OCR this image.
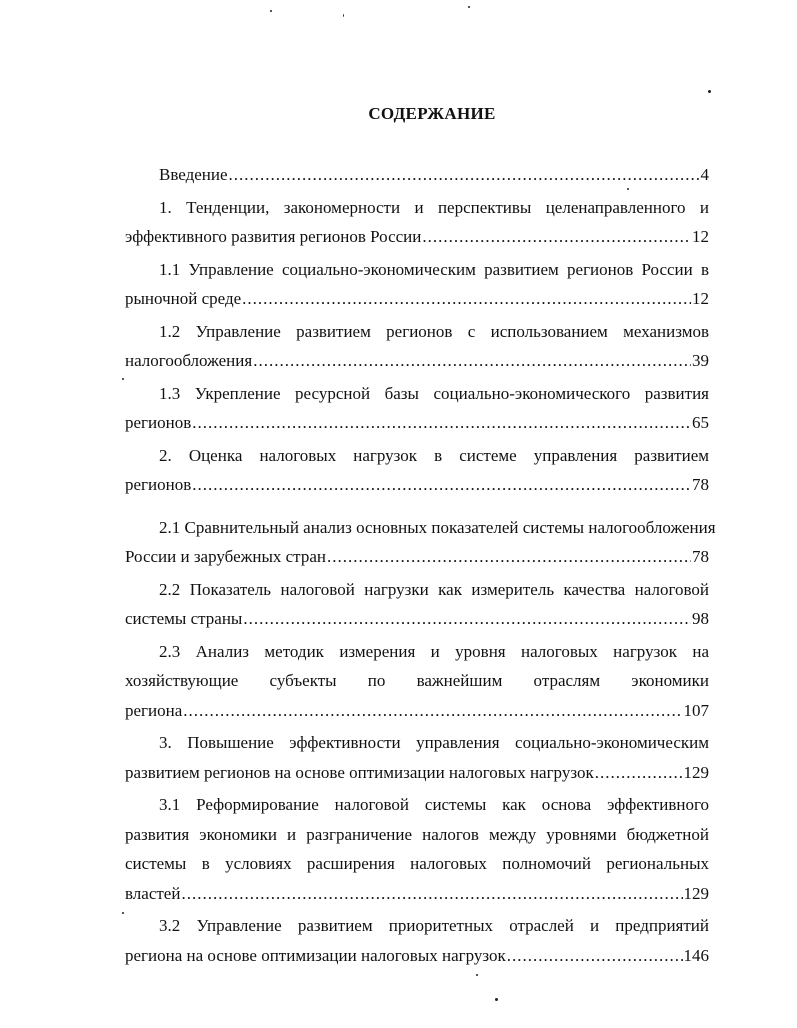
СОДЕРЖАНИЕ
Введение .....	4
1. Тенденции, закономерности и перспективы целенаправленного и
эффективного развития регионов России .....	12
1.1 Управление социально-экономическим развитием регионов России в
рыночной среде .....	12
1.2 Управление развитием регионов с использованием механизмов
налогообложения .....	39
1.3 Укрепление ресурсной базы социально-экономического развития
регионов .....	65
2. Оценка налоговых нагрузок в системе управления развитием
регионов .....	78
2.1 Сравнительный анализ основных показателей системы налогообложения
России и зарубежных стран .....	78
2.2 Показатель налоговой нагрузки как измеритель качества налоговой
системы страны .....	98
2.3 Анализ методик измерения и уровня налоговых нагрузок на
хозяйствующие субъекты по важнейшим отраслям экономики
региона .....	107
3. Повышение эффективности управления социально-экономическим
развитием регионов на основе оптимизации налоговых нагрузок .....	129
3.1 Реформирование налоговой системы как основа эффективного
развития экономики и разграничение налогов между уровнями бюджетной
системы в условиях расширения налоговых полномочий региональных
властей .....	129
3.2 Управление развитием приоритетных отраслей и предприятий
региона на основе оптимизации налоговых нагрузок .....	146
